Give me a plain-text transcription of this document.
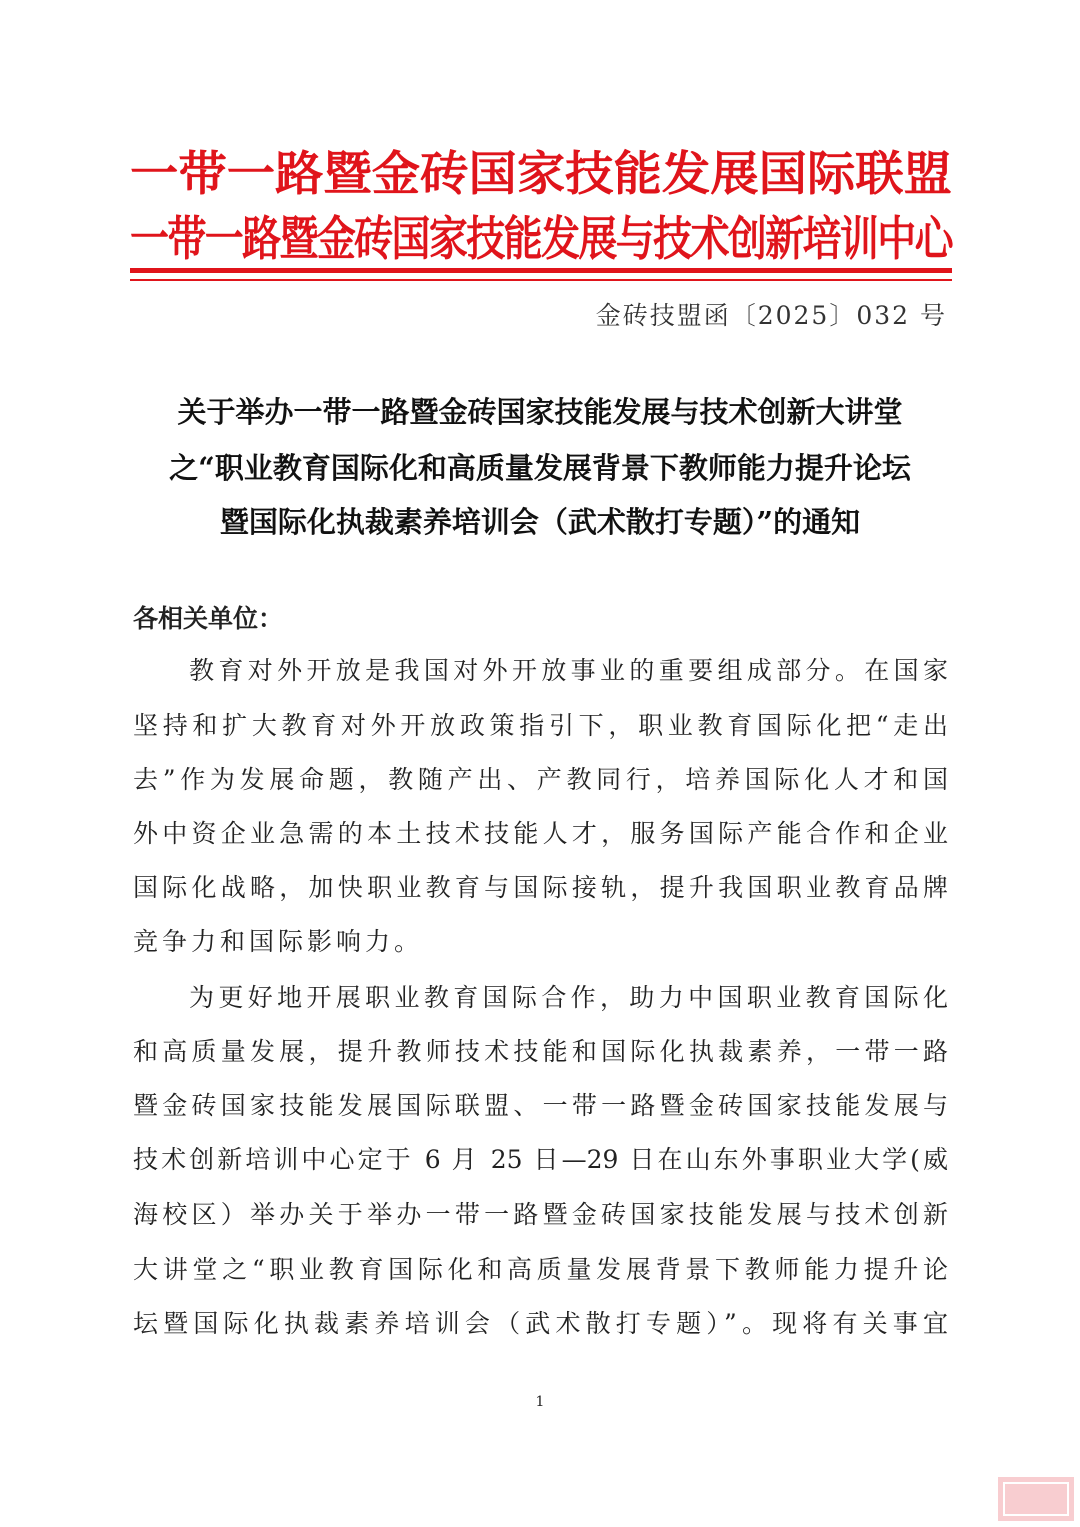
一带一路暨金砖国家技能发展国际联盟
一带一路暨金砖国家技能发展与技术创新培训中心
金砖技盟函〔2025〕032 号
关于举办一带一路暨金砖国家技能发展与技术创新大讲堂
之“职业教育国际化和高质量发展背景下教师能力提升论坛
暨国际化执裁素养培训会（武术散打专题）”的通知
各相关单位：
教育对外开放是我国对外开放事业的重要组成部分。在国家
坚持和扩大教育对外开放政策指引下，职业教育国际化把“走出
去”作为发展命题，教随产出、产教同行，培养国际化人才和国
外中资企业急需的本土技术技能人才，服务国际产能合作和企业
国际化战略，加快职业教育与国际接轨，提升我国职业教育品牌
竞争力和国际影响力。
为更好地开展职业教育国际合作，助力中国职业教育国际化
和高质量发展，提升教师技术技能和国际化执裁素养，一带一路
暨金砖国家技能发展国际联盟、一带一路暨金砖国家技能发展与
技术创新培训中心定于 6 月 25 日—29 日在山东外事职业大学(威
海校区）举办关于举办一带一路暨金砖国家技能发展与技术创新
大讲堂之“职业教育国际化和高质量发展背景下教师能力提升论
坛暨国际化执裁素养培训会（武术散打专题）”。现将有关事宜
1
